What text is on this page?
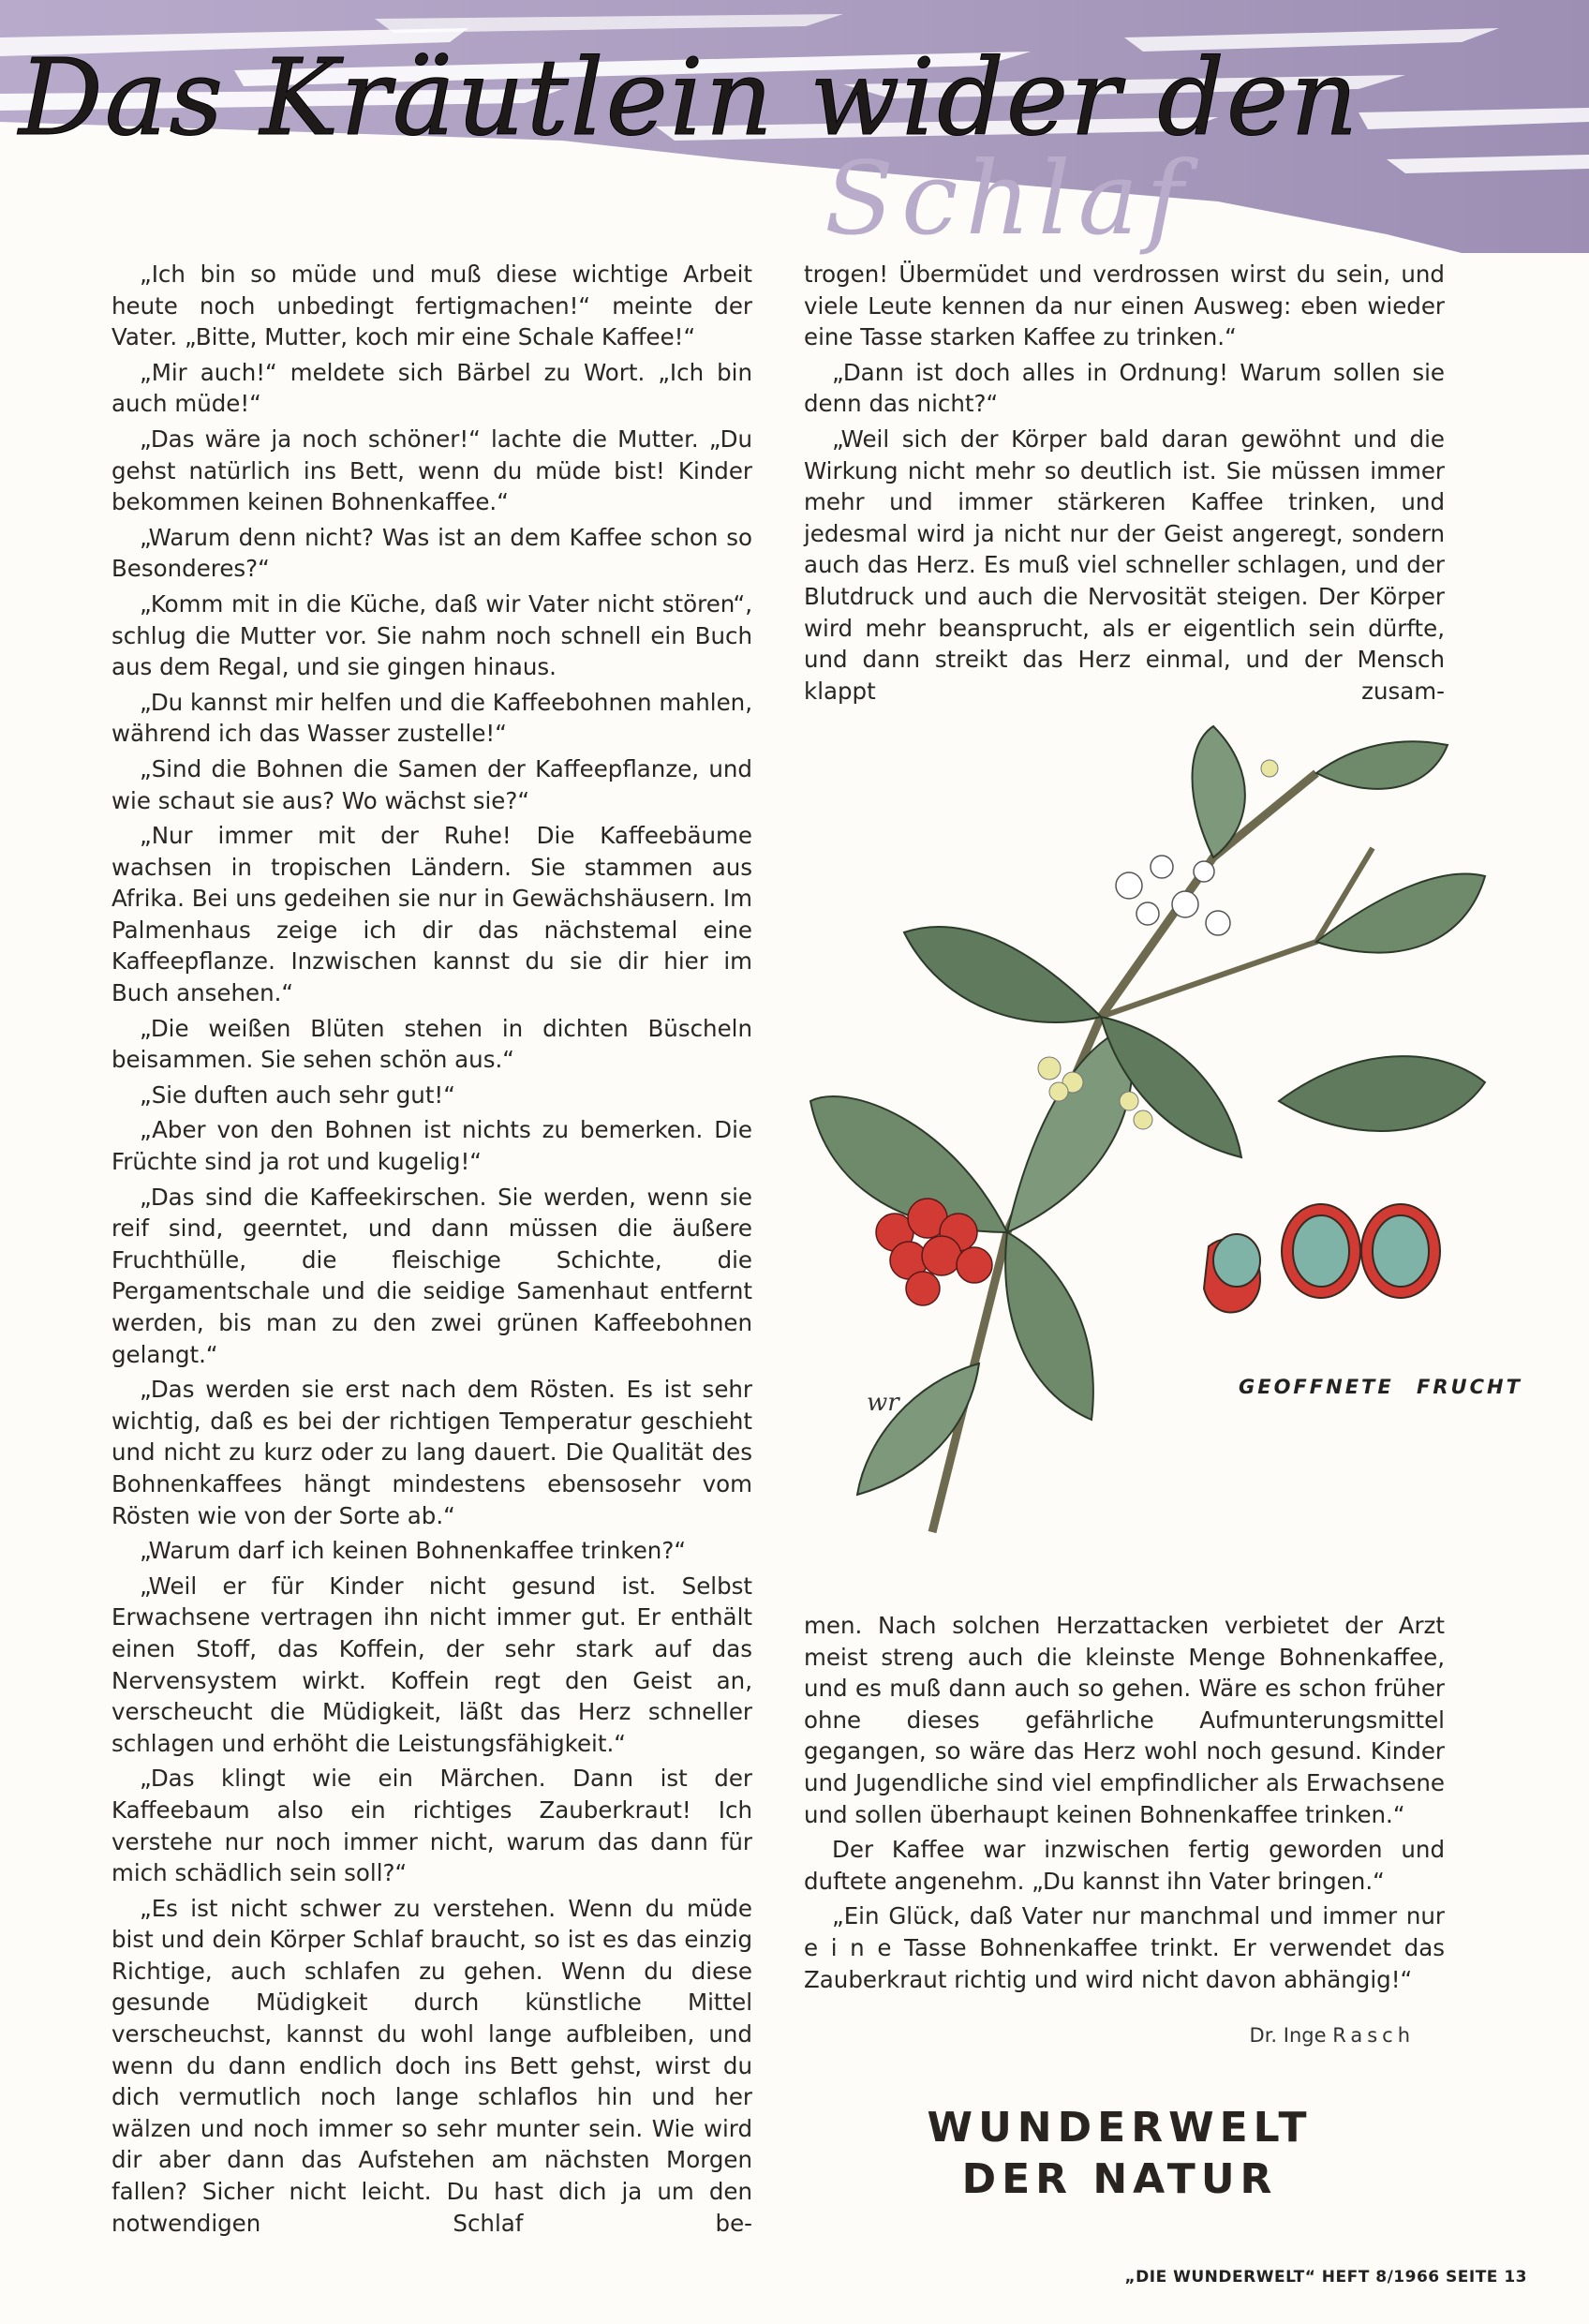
Das Kräutlein wider den
Schlaf

„Ich bin so müde und muß diese wichtige Arbeit heute noch unbedingt fertigmachen!“ meinte der Vater. „Bitte, Mutter, koch mir eine Schale Kaffee!“

„Mir auch!“ meldete sich Bärbel zu Wort. „Ich bin auch müde!“

„Das wäre ja noch schöner!“ lachte die Mutter. „Du gehst natürlich ins Bett, wenn du müde bist! Kinder bekommen keinen Bohnenkaffee.“

„Warum denn nicht? Was ist an dem Kaffee schon so Besonderes?“

„Komm mit in die Küche, daß wir Vater nicht stören“, schlug die Mutter vor. Sie nahm noch schnell ein Buch aus dem Regal, und sie gingen hinaus.

„Du kannst mir helfen und die Kaffeebohnen mahlen, während ich das Wasser zustelle!“

„Sind die Bohnen die Samen der Kaffeepflanze, und wie schaut sie aus? Wo wächst sie?“

„Nur immer mit der Ruhe! Die Kaffeebäume wachsen in tropischen Ländern. Sie stammen aus Afrika. Bei uns gedeihen sie nur in Gewächshäusern. Im Palmenhaus zeige ich dir das nächstemal eine Kaffeepflanze. Inzwischen kannst du sie dir hier im Buch ansehen.“

„Die weißen Blüten stehen in dichten Büscheln beisammen. Sie sehen schön aus.“

„Sie duften auch sehr gut!“

„Aber von den Bohnen ist nichts zu bemerken. Die Früchte sind ja rot und kugelig!“

„Das sind die Kaffeekirschen. Sie werden, wenn sie reif sind, geerntet, und dann müssen die äußere Fruchthülle, die fleischige Schichte, die Pergamentschale und die seidige Samenhaut entfernt werden, bis man zu den zwei grünen Kaffeebohnen gelangt.“

„Das werden sie erst nach dem Rösten. Es ist sehr wichtig, daß es bei der richtigen Temperatur geschieht und nicht zu kurz oder zu lang dauert. Die Qualität des Bohnenkaffees hängt mindestens ebensosehr vom Rösten wie von der Sorte ab.“

„Warum darf ich keinen Bohnenkaffee trinken?“

„Weil er für Kinder nicht gesund ist. Selbst Erwachsene vertragen ihn nicht immer gut. Er enthält einen Stoff, das Koffein, der sehr stark auf das Nervensystem wirkt. Koffein regt den Geist an, verscheucht die Müdigkeit, läßt das Herz schneller schlagen und erhöht die Leistungsfähigkeit.“

„Das klingt wie ein Märchen. Dann ist der Kaffeebaum also ein richtiges Zauberkraut! Ich verstehe nur noch immer nicht, warum das dann für mich schädlich sein soll?“

„Es ist nicht schwer zu verstehen. Wenn du müde bist und dein Körper Schlaf braucht, so ist es das einzig Richtige, auch schlafen zu gehen. Wenn du diese gesunde Müdigkeit durch künstliche Mittel verscheuchst, kannst du wohl lange aufbleiben, und wenn du dann endlich doch ins Bett gehst, wirst du dich vermutlich noch lange schlaflos hin und her wälzen und noch immer so sehr munter sein. Wie wird dir aber dann das Aufstehen am nächsten Morgen fallen? Sicher nicht leicht. Du hast dich ja um den notwendigen Schlaf be-

trogen! Übermüdet und verdrossen wirst du sein, und viele Leute kennen da nur einen Ausweg: eben wieder eine Tasse starken Kaffee zu trinken.“

„Dann ist doch alles in Ordnung! Warum sollen sie denn das nicht?“

„Weil sich der Körper bald daran gewöhnt und die Wirkung nicht mehr so deutlich ist. Sie müssen immer mehr und immer stärkeren Kaffee trinken, und jedesmal wird ja nicht nur der Geist angeregt, sondern auch das Herz. Es muß viel schneller schlagen, und der Blutdruck und auch die Nervosität steigen. Der Körper wird mehr beansprucht, als er eigentlich sein dürfte, und dann streikt das Herz einmal, und der Mensch klappt zusam-

GEOFFNETE FRUCHT
wr

men. Nach solchen Herzattacken verbietet der Arzt meist streng auch die kleinste Menge Bohnenkaffee, und es muß dann auch so gehen. Wäre es schon früher ohne dieses gefährliche Aufmunterungsmittel gegangen, so wäre das Herz wohl noch gesund. Kinder und Jugendliche sind viel empfindlicher als Erwachsene und sollen überhaupt keinen Bohnenkaffee trinken.“

Der Kaffee war inzwischen fertig geworden und duftete angenehm. „Du kannst ihn Vater bringen.“

„Ein Glück, daß Vater nur manchmal und immer nur e i n e Tasse Bohnenkaffee trinkt. Er verwendet das Zauberkraut richtig und wird nicht davon abhängig!“

Dr. Inge Rasch
WUNDERWELT
DER NATUR
„DIE WUNDERWELT“ HEFT 8/1966 SEITE 13
